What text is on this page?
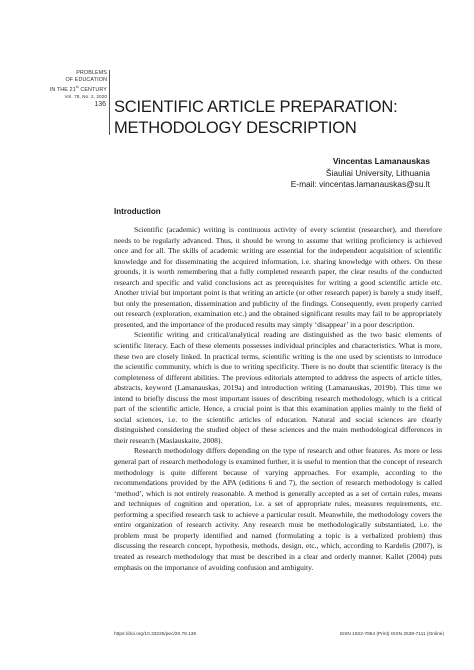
PROBLEMS
OF EDUCATION
IN THE 21st CENTURY
Vol. 78, No. 2, 2020
136 SCIENTIFIC ARTICLE PREPARATION:
METHODOLOGY DESCRIPTION
Vincentas Lamanauskas
Šiauliai University, Lithuania
E-mail: vincentas.lamanauskas@su.lt
Introduction

Scientific (academic) writing is continuous activity of every scientist (researcher), and therefore needs to be regularly advanced. Thus, it should be wrong to assume that writing proficiency is achieved once and for all. The skills of academic writing are essential for the independent acquisition of scientific knowledge and for disseminating the acquired information, i.e. sharing knowledge with others. On these grounds, it is worth remembering that a fully completed research paper, the clear results of the conducted research and specific and valid conclusions act as prerequisites for writing a good scientific article etc. Another trivial but important point is that writing an article (or other research paper) is barely a study itself, but only the presentation, dissemination and publicity of the findings. Consequently, even properly carried out research (exploration, examination etc.) and the obtained significant results may fail to be appropriately presented, and the importance of the produced results may simply ‘disappear’ in a poor description.

Scientific writing and critical/analytical reading are distinguished as the two basic elements of scientific literacy. Each of these elements possesses individual principles and characteristics. What is more, these two are closely linked. In practical terms, scientific writing is the one used by scientists to introduce the scientific community, which is due to writing specificity. There is no doubt that scientific literacy is the completeness of different abilities. The previous editorials attempted to address the aspects of article titles, abstracts, keyword (Lamanauskas, 2019a) and introduction writing (Lamanauskas, 2019b). This time we intend to briefly discuss the most important issues of describing research methodology, which is a critical part of the scientific article. Hence, a crucial point is that this examination applies mainly to the field of social sciences, i.e. to the scientific articles of education. Natural and social sciences are clearly distinguished considering the studied object of these sciences and the main methodological differences in their research (Maslauskaite, 2008).

Research methodology differs depending on the type of research and other features. As more or less general part of research methodology is examined further, it is useful to mention that the concept of research methodology is quite different because of varying approaches. For example, according to the recommendations provided by the APA (editions 6 and 7), the section of research methodology is called ‘method’, which is not entirely reasonable. A method is generally accepted as a set of certain rules, means and techniques of cognition and operation, i.e. a set of appropriate rules, measures requirements, etc. performing a specified research task to achieve a particular result. Meanwhile, the methodology covers the entire organization of research activity. Any research must be methodologically substantiated, i.e. the problem must be properly identified and named (formulating a topic is a verbalized problem) thus discussing the research concept, hypothesis, methods, design, etc., which, according to Kardelis (2007), is treated as research methodology that must be described in a clear and orderly manner. Kallet (2004) puts emphasis on the importance of avoiding confusion and ambiguity.

https://doi.org/10.33225/pec/20.78.136	ISSN 1822-7864 (Print) ISSN 2538-7111 (Online)
